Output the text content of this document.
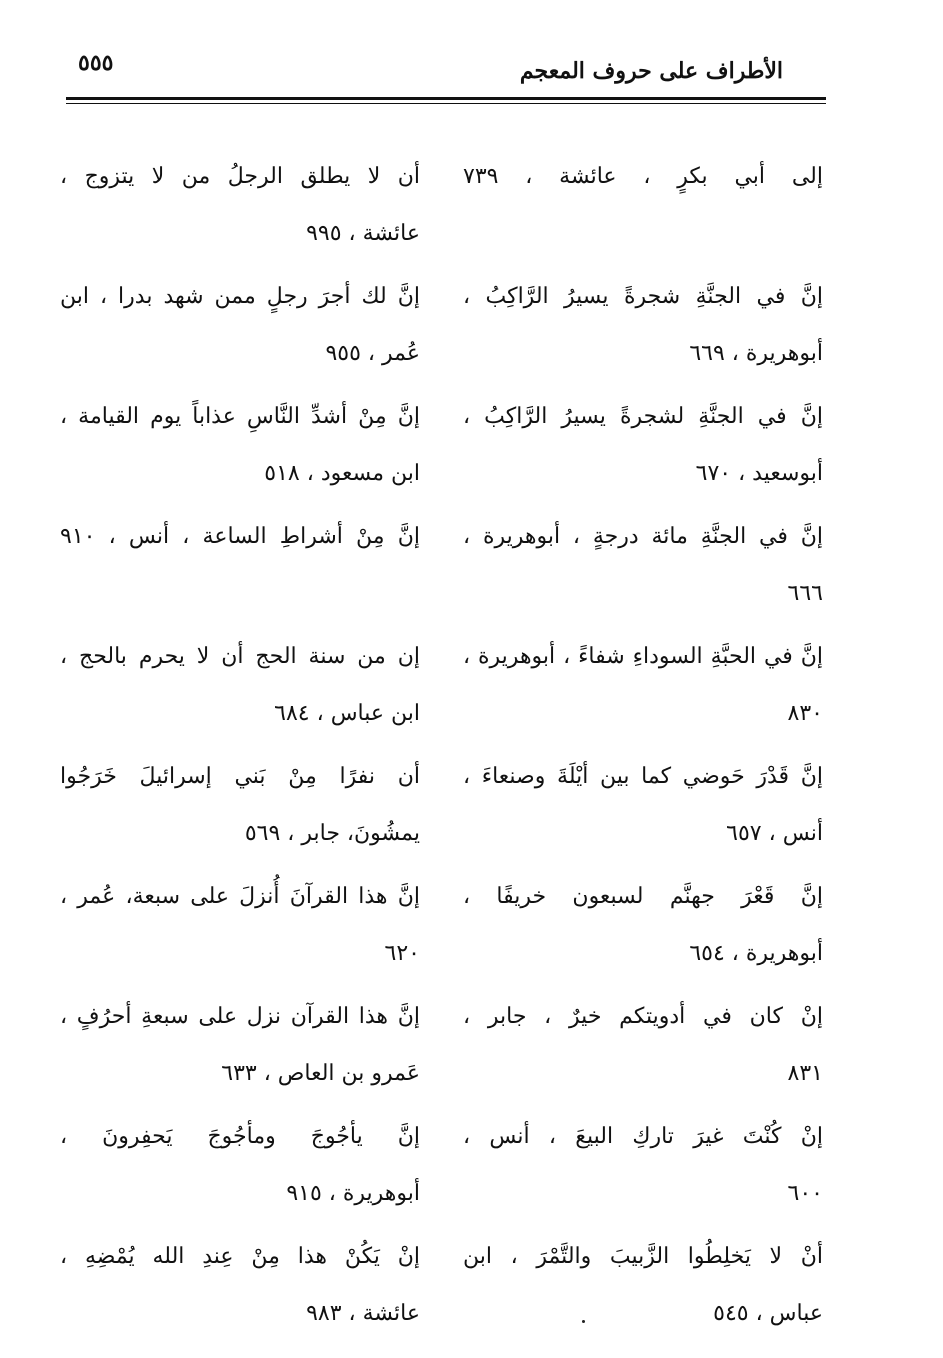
الأطراف على حروف المعجم
٥٥٥
إلى أبي بكرٍ ، عائشة ، ٧٣٩
إنَّ في الجنَّةِ شجرةً يسيرُ الرَّاكِبُ ،
أبوهريرة ، ٦٦٩
إنَّ في الجنَّةِ لشجرةً يسيرُ الرَّاكِبُ ،
أبوسعيد ، ٦٧٠
إنَّ في الجنَّةِ مائة درجةٍ ، أبوهريرة ،
٦٦٦
إنَّ في الحبَّةِ السوداءِ شفاءً ، أبوهريرة ،
٨٣٠
إنَّ قَدْرَ حَوضي كما بين أيْلَةَ وصنعاءَ ،
أنس ، ٦٥٧
إنَّ قَعْرَ جهنَّم لسبعون خريفًا ،
أبوهريرة ، ٦٥٤
إنْ كان في أدويتكم خيرٌ ، جابر ،
٨٣١
إنْ كُنْتَ غيرَ تاركِ البيعَ ، أنس ،
٦٠٠
أنْ لا يَخلِطُوا الزَّبيبَ والتَّمْرَ ، ابن
عباس ، ٥٤٥
أن لا يطلق الرجلُ من لا يتزوج ،
عائشة ، ٩٩٥
إنَّ لك أجرَ رجلٍ ممن شهد بدرا ، ابن
عُمر ، ٩٥٥
إنَّ مِنْ أشدِّ النَّاسِ عذاباً يوم القيامة ،
ابن مسعود ، ٥١٨
إنَّ مِنْ أشراطِ الساعة ، أنس ، ٩١٠
إن من سنة الحج أن لا يحرم بالحج ،
ابن عباس ، ٦٨٤
أن نفرًا مِنْ بَني إسرائيلَ خَرَجُوا
يمشُونَ، جابر ، ٥٦٩
إنَّ هذا القرآنَ أُنزلَ على سبعة، عُمر ،
٦٢٠
إنَّ هذا القرآن نزل على سبعةِ أحرُفٍ ،
عَمرو بن العاص ، ٦٣٣
إنَّ يأجُوجَ ومأجُوجَ يَحفِرونَ ،
أبوهريرة ، ٩١٥
إنْ يَكُنْ هذا مِنْ عِندِ الله يُمْضِهِ ،
عائشة ، ٩٨٣
